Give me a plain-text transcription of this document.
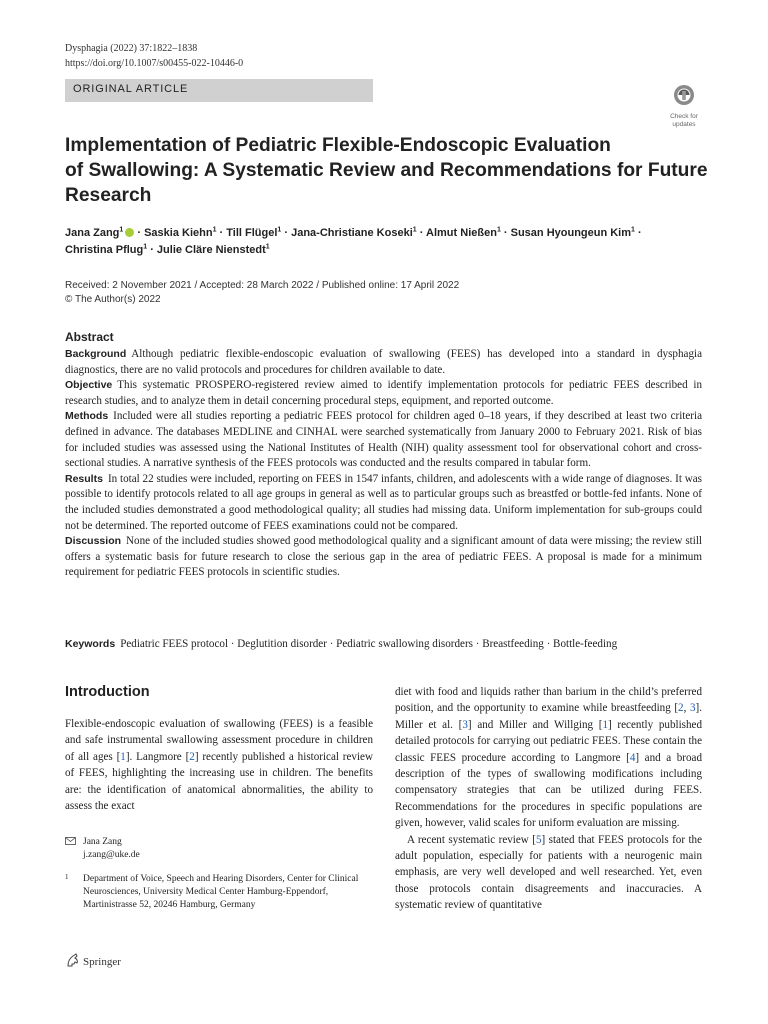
Dysphagia (2022) 37:1822–1838
https://doi.org/10.1007/s00455-022-10446-0
ORIGINAL ARTICLE
Check for
updates
Implementation of Pediatric Flexible-Endoscopic Evaluation
of Swallowing: A Systematic Review and Recommendations for Future
Research
Jana Zang$^1$ · Saskia Kiehn$^1$ · Till Flügel$^1$ · Jana-Christiane Koseki$^1$ · Almut Nießen$^1$ · Susan Hyoungeun Kim$^1$ ·
Christina Pflug$^1$ · Julie Cläre Nienstedt$^1$
Received: 2 November 2021 / Accepted: 28 March 2022 / Published online: 17 April 2022
© The Author(s) 2022
Abstract

Background Although pediatric flexible-endoscopic evaluation of swallowing (FEES) has developed into a standard in dysphagia diagnostics, there are no valid protocols and procedures for children available to date.

Objective This systematic PROSPERO-registered review aimed to identify implementation protocols for pediatric FEES described in research studies, and to analyze them in detail concerning procedural steps, equipment, and reported outcome.

Methods Included were all studies reporting a pediatric FEES protocol for children aged 0–18 years, if they described at least two criteria defined in advance. The databases MEDLINE and CINHAL were searched systematically from January 2000 to February 2021. Risk of bias for included studies was assessed using the National Institutes of Health (NIH) quality assessment tool for observational cohort and cross-sectional studies. A narrative synthesis of the FEES protocols was conducted and the results compared in tabular form.

Results In total 22 studies were included, reporting on FEES in 1547 infants, children, and adolescents with a wide range of diagnoses. It was possible to identify protocols related to all age groups in general as well as to particular groups such as breastfed or bottle-fed infants. None of the included studies demonstrated a good methodological quality; all studies had missing data. Uniform implementation for sub-groups could not be determined. The reported outcome of FEES examinations could not be compared.

Discussion None of the included studies showed good methodological quality and a significant amount of data were missing; the review still offers a systematic basis for future research to close the serious gap in the area of pediatric FEES. A proposal is made for a minimum requirement for pediatric FEES protocols in scientific studies.

Keywords Pediatric FEES protocol · Deglutition disorder · Pediatric swallowing disorders · Breastfeeding · Bottle-feeding
Introduction

Flexible-endoscopic evaluation of swallowing (FEES) is a feasible and safe instrumental swallowing assessment procedure in children of all ages [1]. Langmore [2] recently published a historical review of FEES, highlighting the increasing use in children. The benefits are: the identification of anatomical abnormalities, the ability to assess the exact

diet with food and liquids rather than barium in the child’s preferred position, and the opportunity to examine while breastfeeding [2, 3]. Miller et al. [3] and Miller and Willging [1] recently published detailed protocols for carrying out pediatric FEES. These contain the classic FEES procedure according to Langmore [4] and a broad description of the types of swallowing modifications including compensatory strategies that can be utilized during FEES. Recommendations for the procedures in specific populations are given, however, valid scales for uniform evaluation are missing.

A recent systematic review [5] stated that FEES protocols for the adult population, especially for patients with a neurogenic main emphasis, are very well developed and well researched. Yet, even those protocols contain disagreements and inaccuracies. A systematic review of quantitative

Jana Zang
j.zang@uke.de
1 Department of Voice, Speech and Hearing Disorders, Center for Clinical Neurosciences, University Medical Center Hamburg-Eppendorf, Martinistrasse 52, 20246 Hamburg, Germany
Springer
